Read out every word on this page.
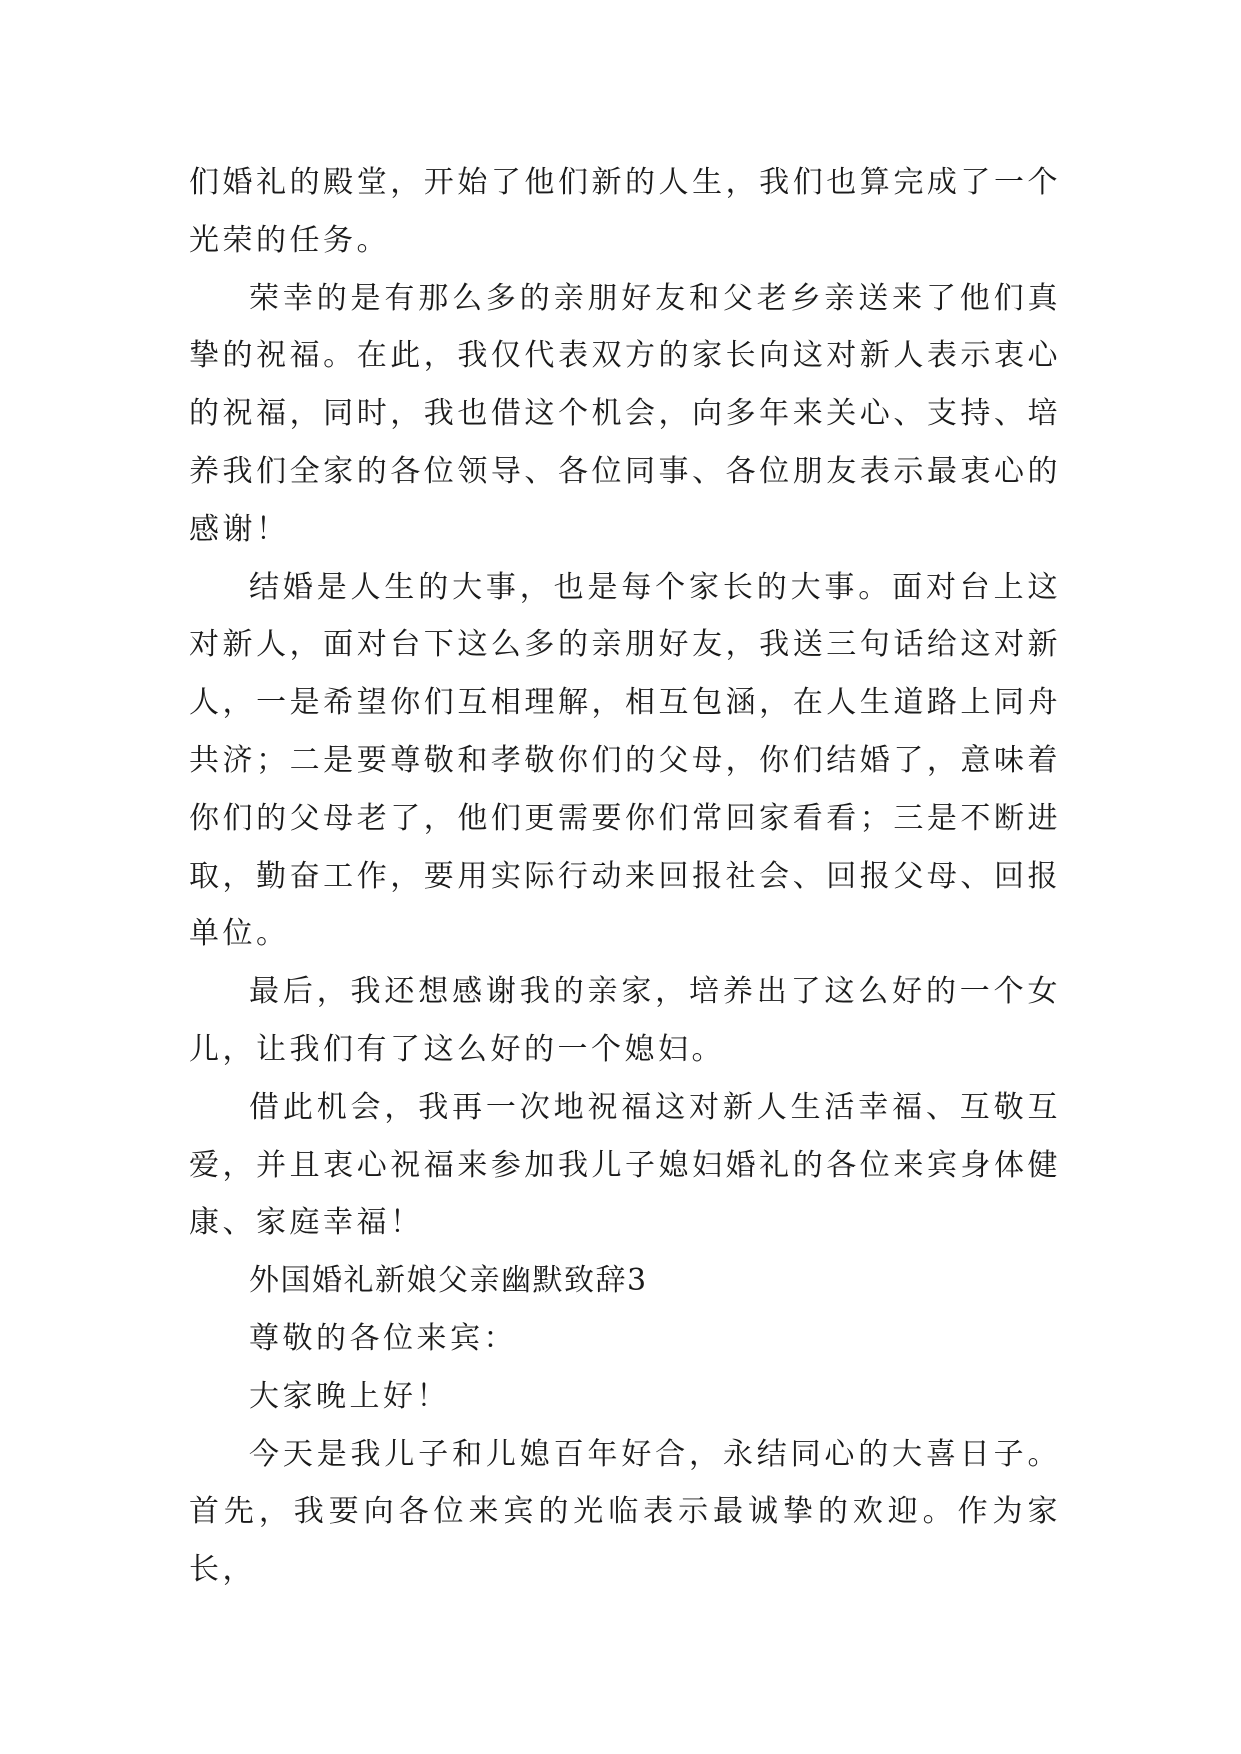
们婚礼的殿堂，开始了他们新的人生，我们也算完成了一个光荣的任务。

荣幸的是有那么多的亲朋好友和父老乡亲送来了他们真挚的祝福。在此，我仅代表双方的家长向这对新人表示衷心的祝福，同时，我也借这个机会，向多年来关心、支持、培养我们全家的各位领导、各位同事、各位朋友表示最衷心的感谢！

结婚是人生的大事，也是每个家长的大事。面对台上这对新人，面对台下这么多的亲朋好友，我送三句话给这对新人，一是希望你们互相理解，相互包涵，在人生道路上同舟共济；二是要尊敬和孝敬你们的父母，你们结婚了，意味着你们的父母老了，他们更需要你们常回家看看；三是不断进取，勤奋工作，要用实际行动来回报社会、回报父母、回报单位。

最后，我还想感谢我的亲家，培养出了这么好的一个女儿，让我们有了这么好的一个媳妇。

借此机会，我再一次地祝福这对新人生活幸福、互敬互爱，并且衷心祝福来参加我儿子媳妇婚礼的各位来宾身体健康、家庭幸福！

外国婚礼新娘父亲幽默致辞3

尊敬的各位来宾：

大家晚上好！

今天是我儿子和儿媳百年好合，永结同心的大喜日子。首先，我要向各位来宾的光临表示最诚挚的欢迎。作为家长，
